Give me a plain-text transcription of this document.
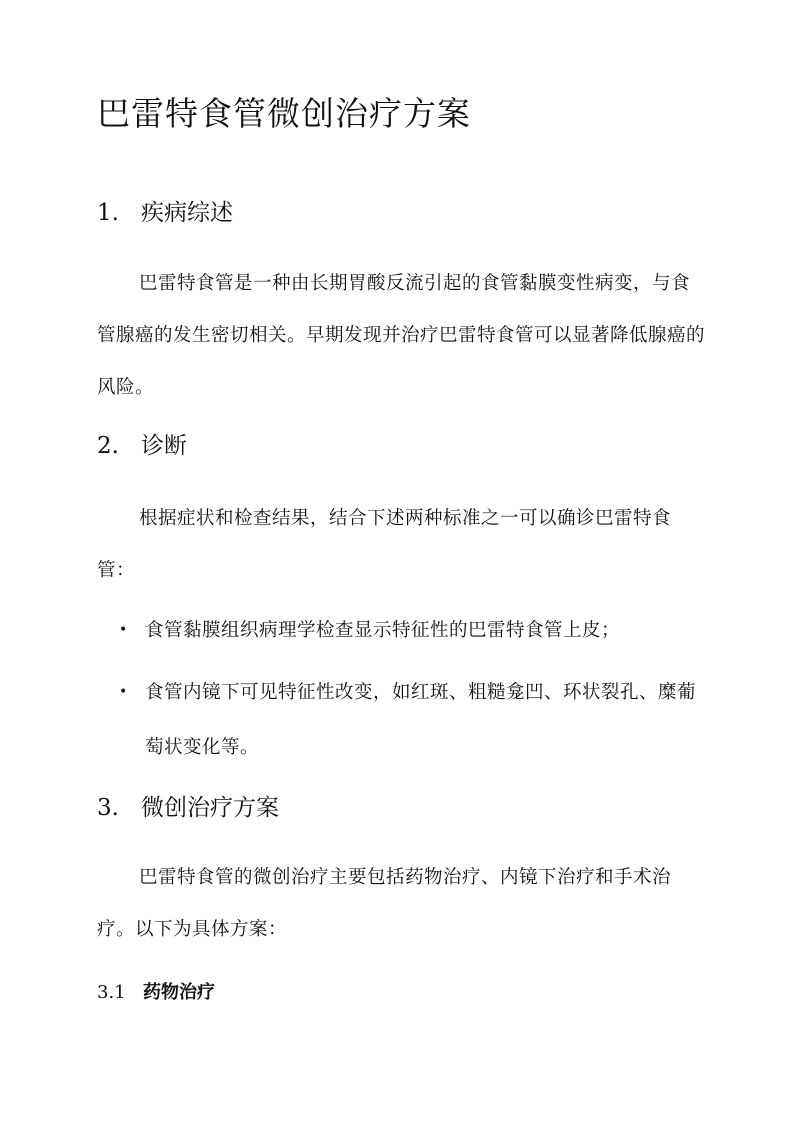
巴雷特食管微创治疗方案
1. 疾病综述

巴雷特食管是一种由长期胃酸反流引起的食管黏膜变性病变，与食管腺癌的发生密切相关。早期发现并治疗巴雷特食管可以显著降低腺癌的风险。

2. 诊断

根据症状和检查结果，结合下述两种标准之一可以确诊巴雷特食管：

• 食管黏膜组织病理学检查显示特征性的巴雷特食管上皮；
• 食管内镜下可见特征性改变，如红斑、粗糙龛凹、环状裂孔、糜葡萄状变化等。
3. 微创治疗方案

巴雷特食管的微创治疗主要包括药物治疗、内镜下治疗和手术治疗。以下为具体方案：

3.1 药物治疗
